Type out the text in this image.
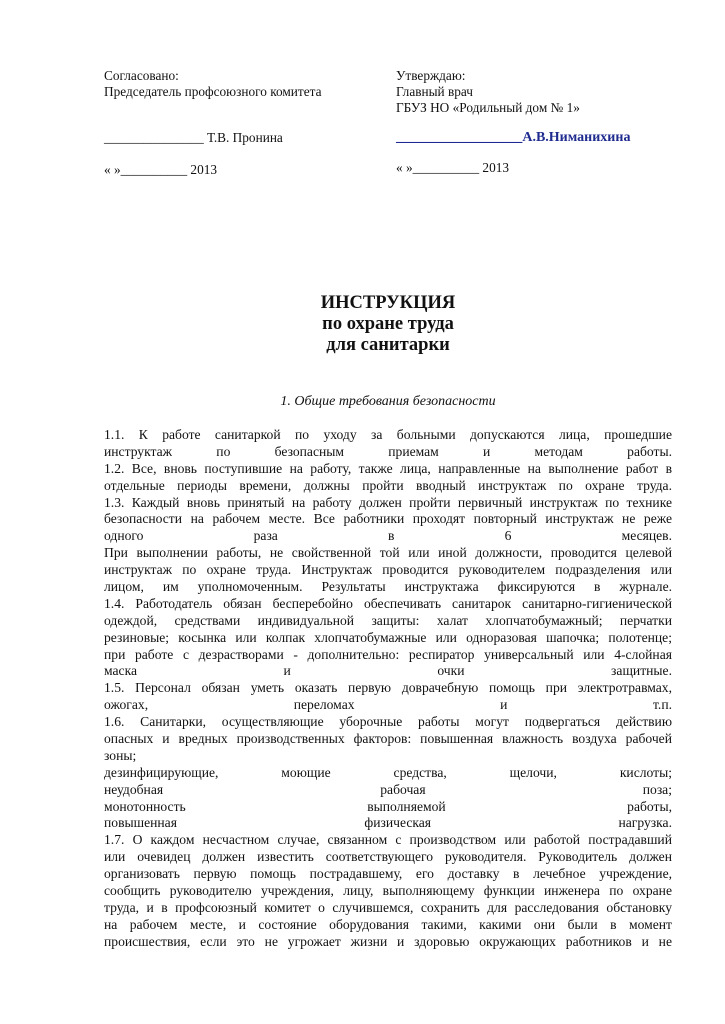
Согласовано:
Председатель профсоюзного комитета
Утверждаю:
Главный врач
ГБУЗ НО «Родильный дом № 1»
_______________ Т.В. Пронина	___________________А.В.Ниманихина
« »__________ 2013	« »__________ 2013
ИНСТРУКЦИЯ
по охране труда
для санитарки
1. Общие требования безопасности
1.1. К работе санитаркой по уходу за больными допускаются лица, прошедшие
инструктаж по безопасным приемам и методам работы.
1.2. Все, вновь поступившие на работу, также лица, направленные на выполнение работ в
отдельные периоды времени, должны пройти вводный инструктаж по охране труда.
1.3. Каждый вновь принятый на работу должен пройти первичный инструктаж по технике
безопасности на рабочем месте. Все работники проходят повторный инструктаж не реже
одного раза в 6 месяцев.
При выполнении работы, не свойственной той или иной должности, проводится целевой
инструктаж по охране труда. Инструктаж проводится руководителем подразделения или
лицом, им уполномоченным. Результаты инструктажа фиксируются в журнале.
1.4. Работодатель обязан бесперебойно обеспечивать санитарок санитарно-гигиенической
одеждой, средствами индивидуальной защиты: халат хлопчатобумажный; перчатки
резиновые; косынка или колпак хлопчатобумажные или одноразовая шапочка; полотенце;
при работе с дезрастворами - дополнительно: респиратор универсальный или 4-слойная
маска и очки защитные.
1.5. Персонал обязан уметь оказать первую доврачебную помощь при электротравмах,
ожогах, переломах и т.п.
1.6. Санитарки, осуществляющие уборочные работы могут подвергаться действию
опасных и вредных производственных факторов: повышенная влажность воздуха рабочей
зоны;
дезинфицирующие, моющие средства, щелочи, кислоты;
неудобная рабочая поза;
монотонность выполняемой работы,
повышенная физическая нагрузка.
1.7. О каждом несчастном случае, связанном с производством или работой пострадавший
или очевидец должен известить соответствующего руководителя. Руководитель должен
организовать первую помощь пострадавшему, его доставку в лечебное учреждение,
сообщить руководителю учреждения, лицу, выполняющему функции инженера по охране
труда, и в профсоюзный комитет о случившемся, сохранить для расследования обстановку
на рабочем месте, и состояние оборудования такими, какими они были в момент
происшествия, если это не угрожает жизни и здоровью окружающих работников и не
